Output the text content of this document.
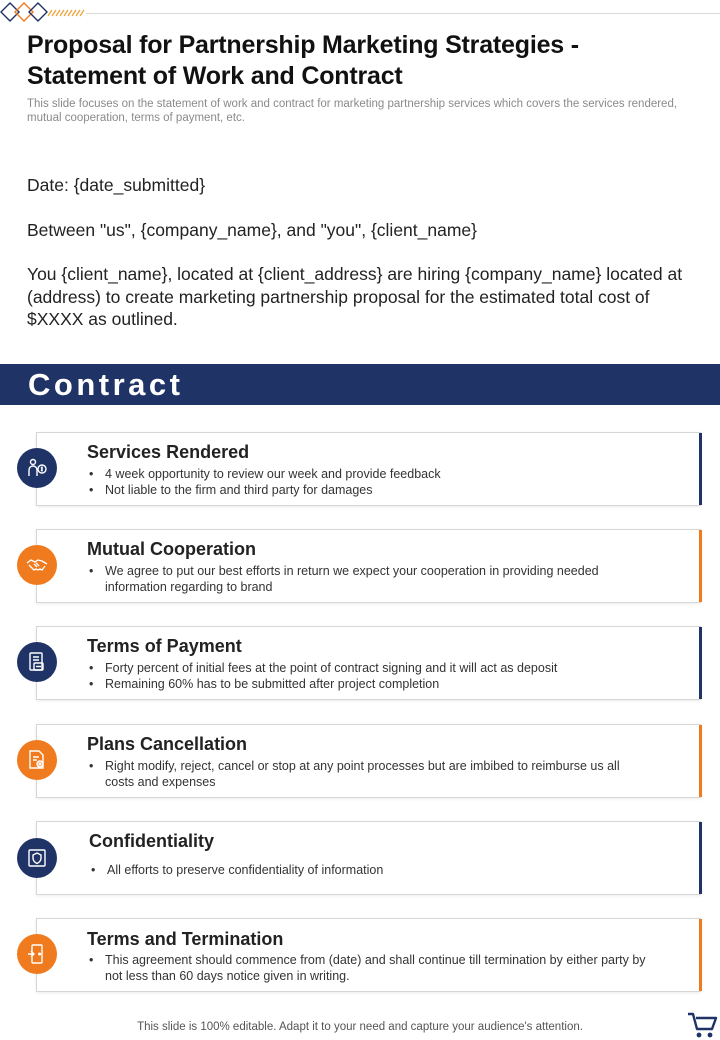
Proposal for Partnership Marketing Strategies - Statement of Work and Contract
This slide focuses on the statement of work and contract for marketing partnership services which covers the services rendered, mutual cooperation, terms of payment, etc.

Date: {date_submitted}

Between "us", {company_name}, and "you", {client_name}

You {client_name}, located at {client_address} are hiring {company_name} located at (address) to create marketing partnership proposal for the estimated total cost of $XXXX as outlined.

Contract
Services Rendered
• 4 week opportunity to review our week and provide feedback
• Not liable to the firm and third party for damages
Mutual Cooperation
• We agree to put our best efforts in return we expect your cooperation in providing needed information regarding to brand
Terms of Payment
• Forty percent of initial fees at the point of contract signing and it will act as deposit
• Remaining 60% has to be submitted after project completion
Plans Cancellation
• Right modify, reject, cancel or stop at any point processes but are imbibed to reimburse us all costs and expenses
Confidentiality
• All efforts to preserve confidentiality of information
Terms and Termination
• This agreement should commence from (date) and shall continue till termination by either party by not less than 60 days notice given in writing.
This slide is 100% editable. Adapt it to your need and capture your audience's attention.
